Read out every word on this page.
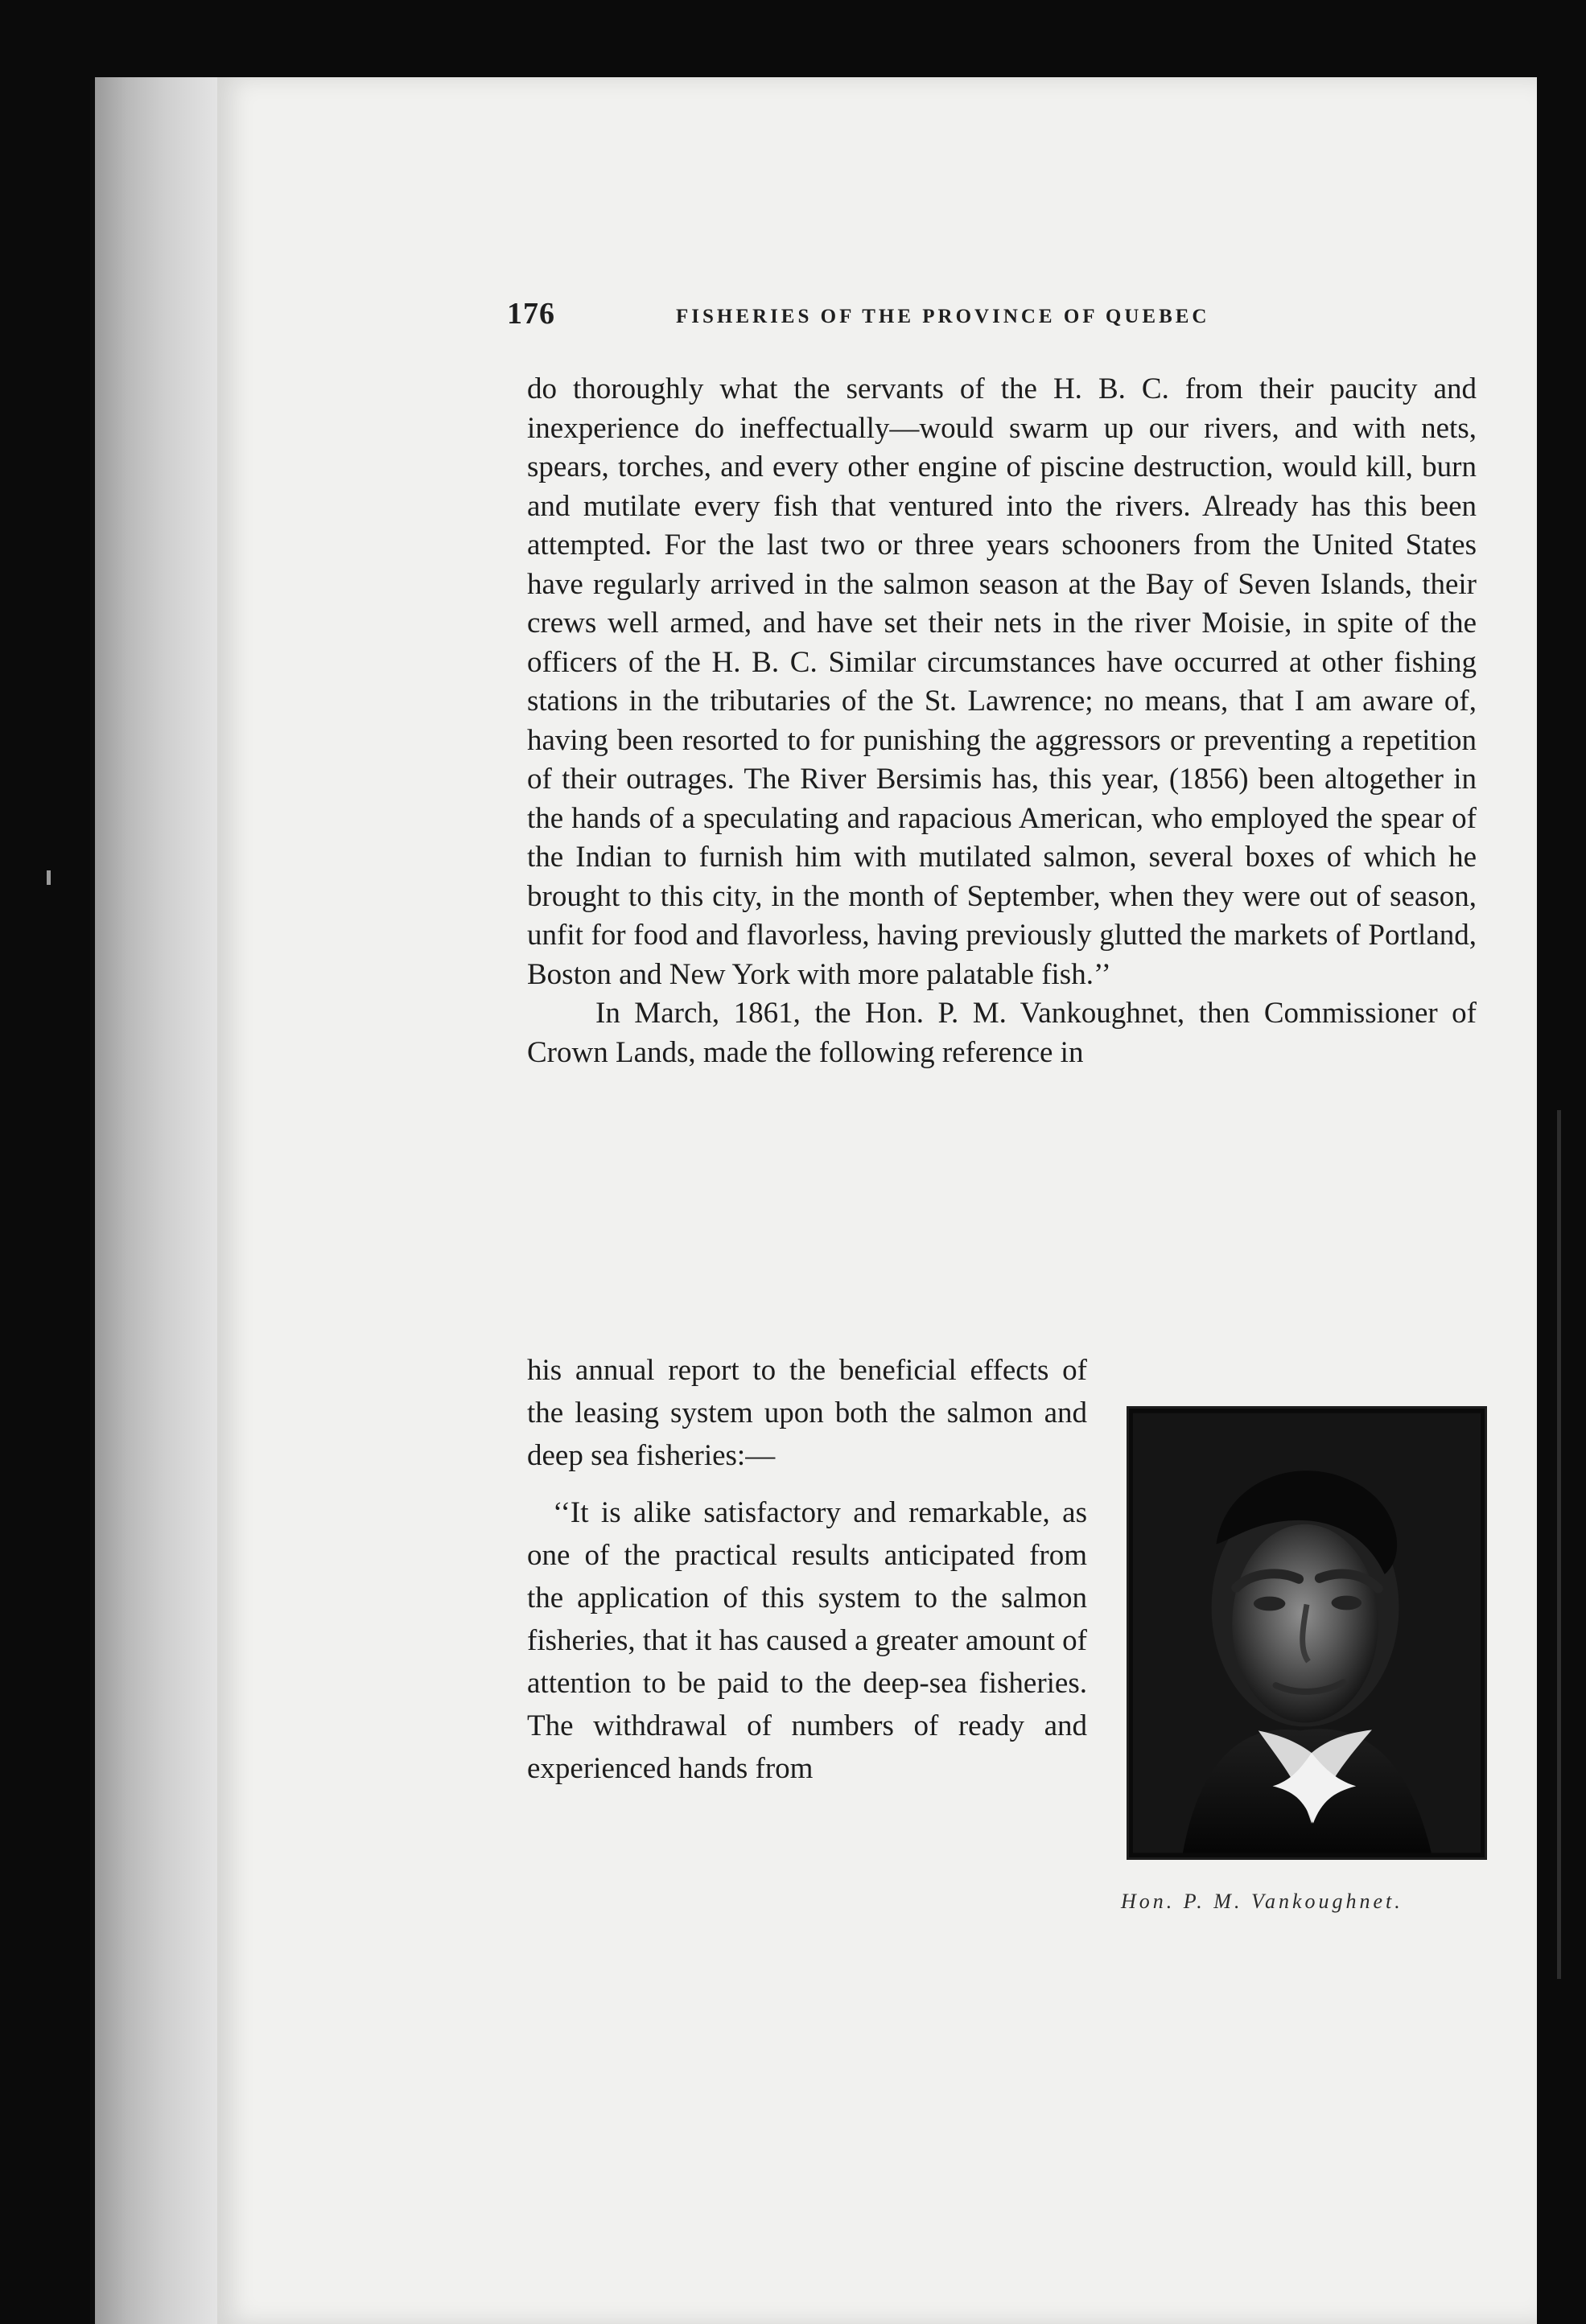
176	FISHERIES OF THE PROVINCE OF QUEBEC

do thoroughly what the servants of the H. B. C. from their paucity and inexperience do ineffectually—would swarm up our rivers, and with nets, spears, torches, and every other engine of piscine destruction, would kill, burn and mutilate every fish that ventured into the rivers. Already has this been attempted. For the last two or three years schooners from the United States have regularly arrived in the salmon season at the Bay of Seven Islands, their crews well armed, and have set their nets in the river Moisie, in spite of the officers of the H. B. C. Similar circumstances have occurred at other fishing stations in the tributaries of the St. Lawrence; no means, that I am aware of, having been resorted to for punishing the aggressors or preventing a repetition of their outrages. The River Bersimis has, this year, (1856) been altogether in the hands of a speculating and rapacious American, who employed the spear of the Indian to furnish him with mutilated salmon, several boxes of which he brought to this city, in the month of September, when they were out of season, unfit for food and flavorless, having previously glutted the markets of Portland, Boston and New York with more palatable fish.’’

In March, 1861, the Hon. P. M. Vankoughnet, then Commissioner of Crown Lands, made the following reference in

his annual report to the beneficial effects of the leasing system upon both the salmon and deep sea fisheries:—

‘‘It is alike satisfactory and remarkable, as one of the practical results anticipated from the application of this system to the salmon fisheries, that it has caused a greater amount of attention to be paid to the deep-sea fisheries. The withdrawal of numbers of ready and experienced hands from

Hon. P. M. Vankoughnet.
